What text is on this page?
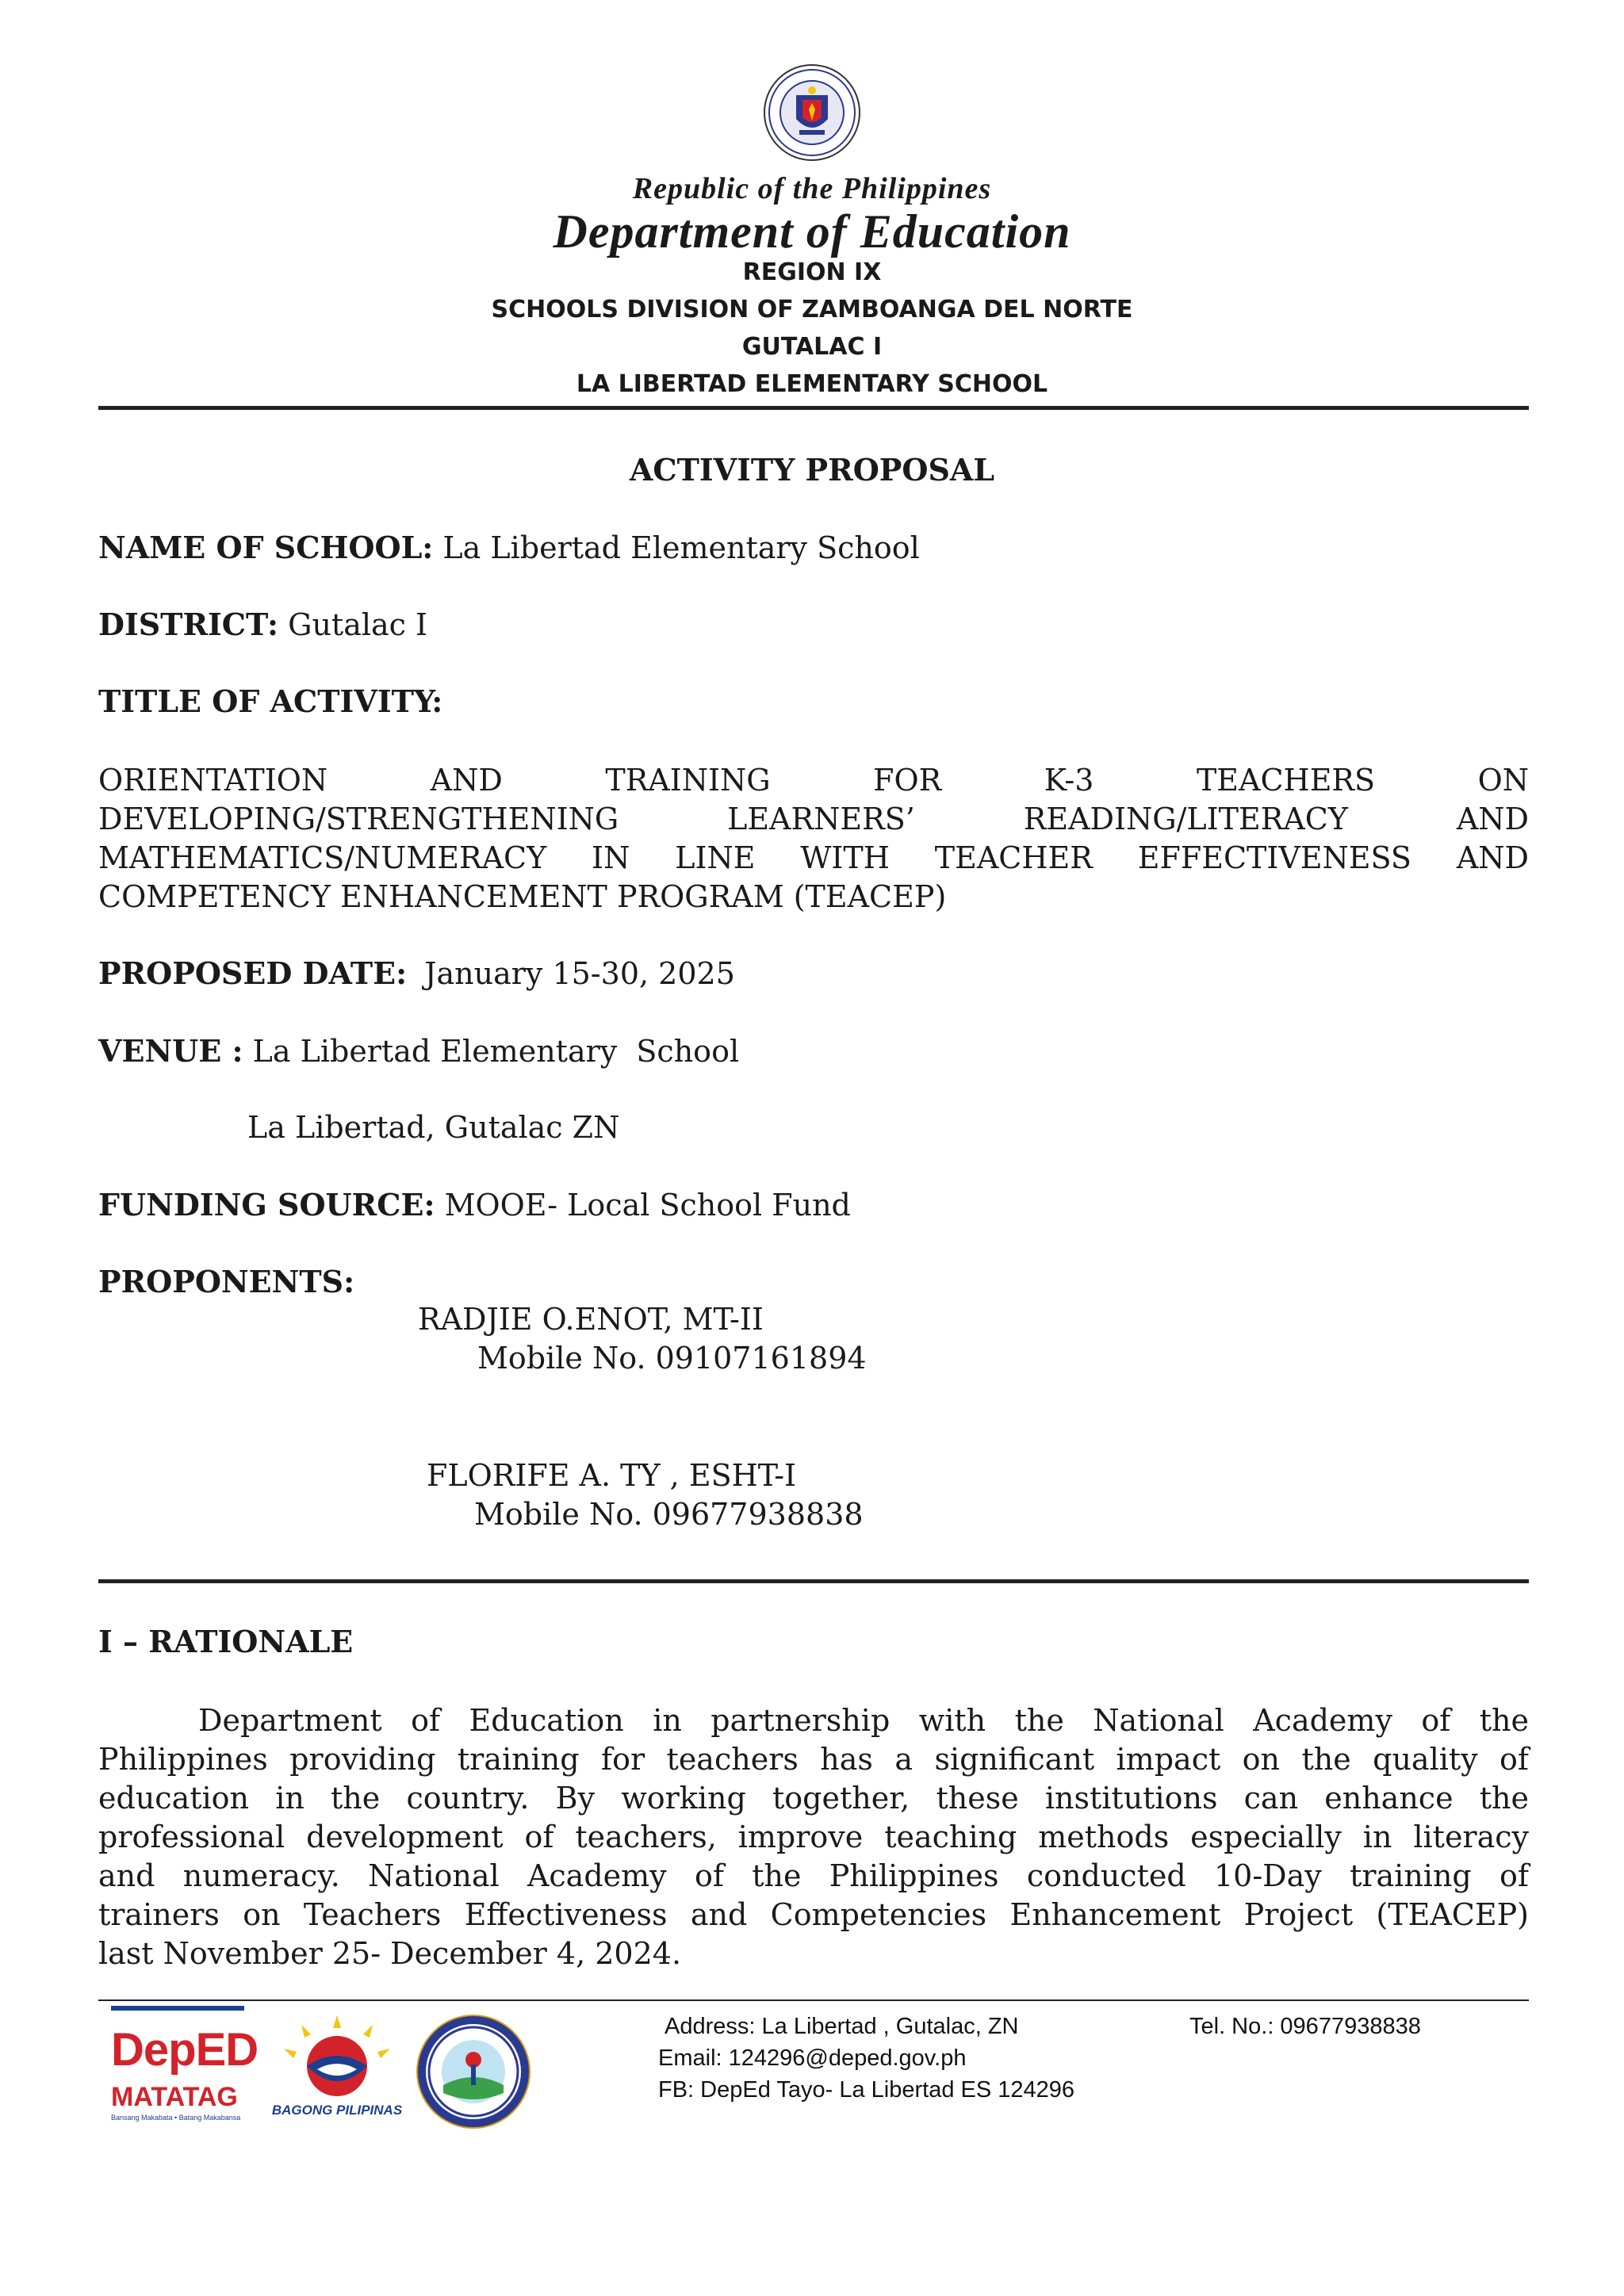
Republic of the Philippines
Department of Education
REGION IX
SCHOOLS DIVISION OF ZAMBOANGA DEL NORTE
GUTALAC I
LA LIBERTAD ELEMENTARY SCHOOL
ACTIVITY PROPOSAL
NAME OF SCHOOL: La Libertad Elementary School
DISTRICT: Gutalac I
TITLE OF ACTIVITY:
ORIENTATION AND TRAINING FOR K-3 TEACHERS ON
DEVELOPING/STRENGTHENING LEARNERS’ READING/LITERACY AND
MATHEMATICS/NUMERACY IN LINE WITH TEACHER EFFECTIVENESS AND
COMPETENCY ENHANCEMENT PROGRAM (TEACEP)
PROPOSED DATE: January 15-30, 2025
VENUE : La Libertad Elementary  School
La Libertad, Gutalac ZN
FUNDING SOURCE: MOOE- Local School Fund
PROPONENTS:
RADJIE O.ENOT, MT-II
Mobile No. 09107161894
FLORIFE A. TY , ESHT-I
Mobile No. 09677938838
I – RATIONALE
Department of Education in partnership with the National Academy of the
Philippines providing training for teachers has a significant impact on the quality of
education in the country. By working together, these institutions can enhance the
professional development of teachers, improve teaching methods especially in literacy
and numeracy. National Academy of the Philippines conducted 10-Day training of
trainers on Teachers Effectiveness and Competencies Enhancement Project (TEACEP)
last November 25- December 4, 2024.
DepED
MATATAG
Bansang Makabata • Batang Makabansa BAGONG PILIPINAS
Address: La Libertad , Gutalac, ZN	Tel. No.: 09677938838
Email: 124296@deped.gov.ph
FB: DepEd Tayo- La Libertad ES 124296
